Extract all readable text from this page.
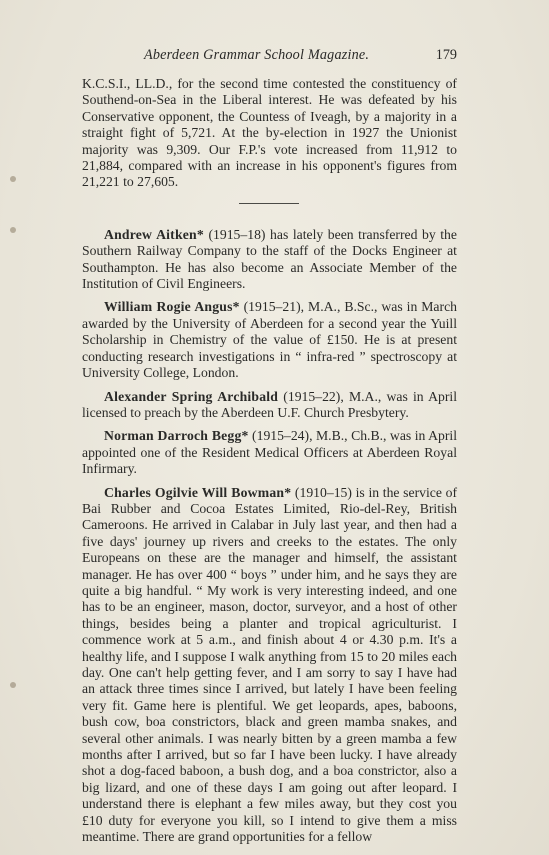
Aberdeen Grammar School Magazine.	179

K.C.S.I., LL.D., for the second time contested the constituency of Southend-on-Sea in the Liberal interest. He was defeated by his Conservative opponent, the Countess of Iveagh, by a majority in a straight fight of 5,721. At the by-election in 1927 the Unionist majority was 9,309. Our F.P.'s vote increased from 11,912 to 21,884, compared with an increase in his opponent's figures from 21,221 to 27,605.

Andrew Aitken* (1915–18) has lately been transferred by the Southern Railway Company to the staff of the Docks Engineer at Southampton. He has also become an Associate Member of the Institution of Civil Engineers.

William Rogie Angus* (1915–21), M.A., B.Sc., was in March awarded by the University of Aberdeen for a second year the Yuill Scholarship in Chemistry of the value of £150. He is at present conducting research investigations in “ infra-red ” spectroscopy at University College, London.

Alexander Spring Archibald (1915–22), M.A., was in April licensed to preach by the Aberdeen U.F. Church Presbytery.

Norman Darroch Begg* (1915–24), M.B., Ch.B., was in April appointed one of the Resident Medical Officers at Aberdeen Royal Infirmary.

Charles Ogilvie Will Bowman* (1910–15) is in the service of Bai Rubber and Cocoa Estates Limited, Rio-del-Rey, British Cameroons. He arrived in Calabar in July last year, and then had a five days' journey up rivers and creeks to the estates. The only Europeans on these are the manager and himself, the assistant manager. He has over 400 “ boys ” under him, and he says they are quite a big handful. “ My work is very interesting indeed, and one has to be an engineer, mason, doctor, surveyor, and a host of other things, besides being a planter and tropical agriculturist. I commence work at 5 a.m., and finish about 4 or 4.30 p.m. It's a healthy life, and I suppose I walk anything from 15 to 20 miles each day. One can't help getting fever, and I am sorry to say I have had an attack three times since I arrived, but lately I have been feeling very fit. Game here is plentiful. We get leopards, apes, baboons, bush cow, boa constrictors, black and green mamba snakes, and several other animals. I was nearly bitten by a green mamba a few months after I arrived, but so far I have been lucky. I have already shot a dog-faced baboon, a bush dog, and a boa constrictor, also a big lizard, and one of these days I am going out after leopard. I understand there is elephant a few miles away, but they cost you £10 duty for everyone you kill, so I intend to give them a miss meantime. There are grand opportunities for a fellow
